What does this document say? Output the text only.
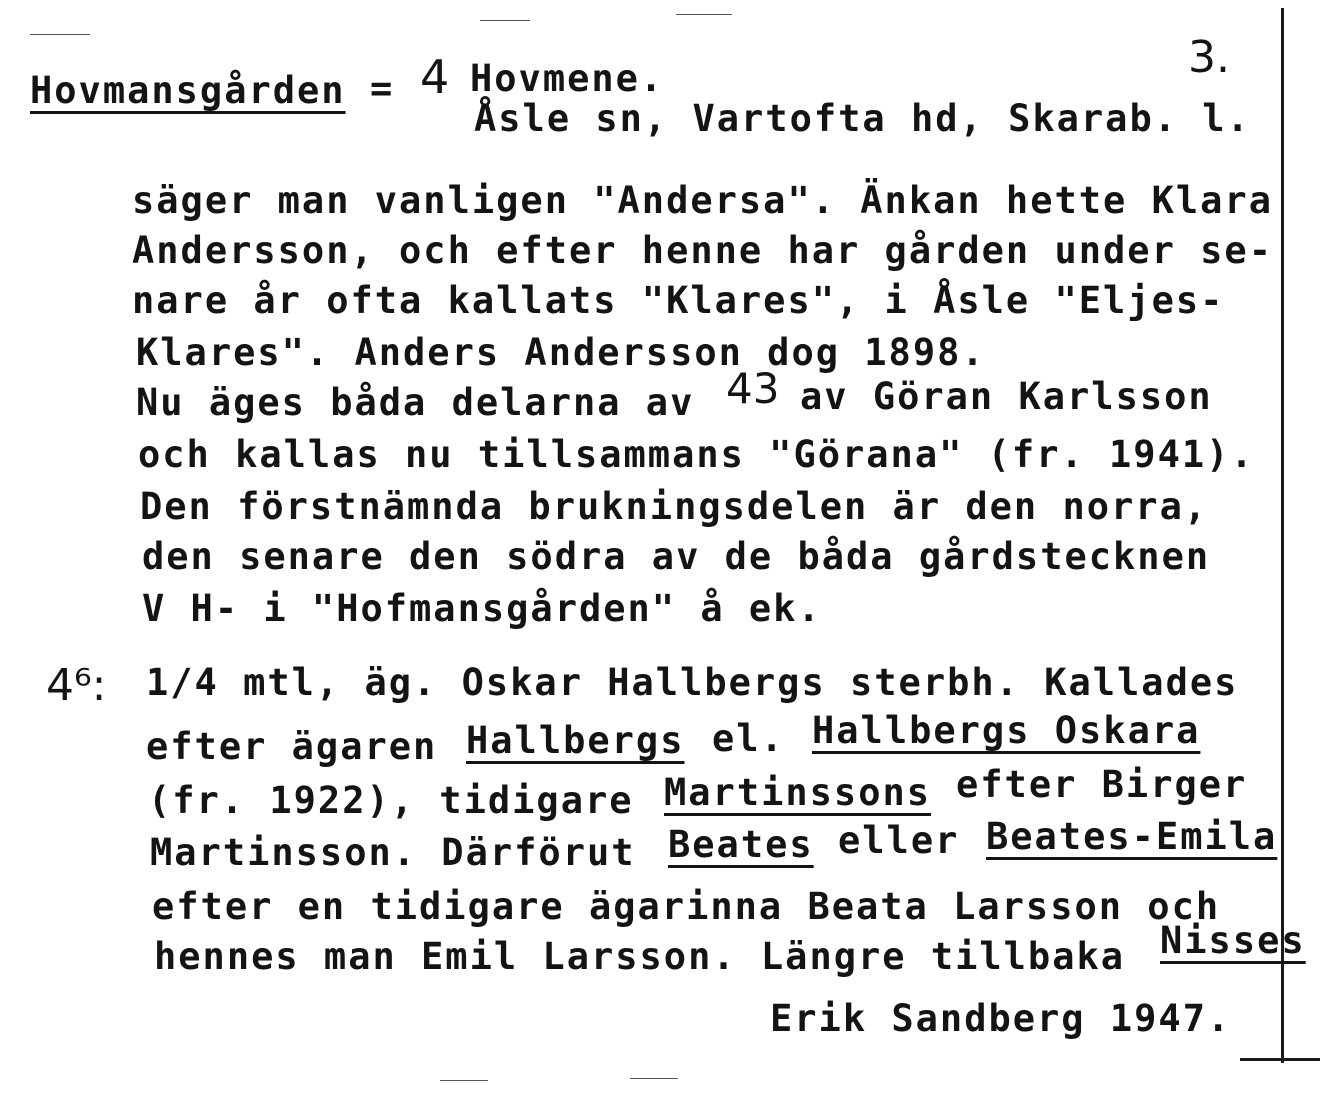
Hovmansgården = 4 Hovmene.	3.
Åsle sn, Vartofta hd, Skarab. l.
säger man vanligen "Andersa". Änkan hette Klara
Andersson, och efter henne har gården under se-
nare år ofta kallats "Klares", i Åsle "Eljes-
Klares". Anders Andersson dog 1898.
Nu äges båda delarna av 43 av Göran Karlsson
och kallas nu tillsammans "Görana" (fr. 1941).
Den förstnämnda brukningsdelen är den norra,
den senare den södra av de båda gårdstecknen
V H- i "Hofmansgården" å ek.
4⁶: 1/4 mtl, äg. Oskar Hallbergs sterbh. Kallades
efter ägaren Hallbergs el. Hallbergs Oskara
(fr. 1922), tidigare Martinssons efter Birger
Martinsson. Därförut Beates eller Beates-Emila
efter en tidigare ägarinna Beata Larsson och
hennes man Emil Larsson. Längre tillbaka Nisses
Erik Sandberg 1947.
